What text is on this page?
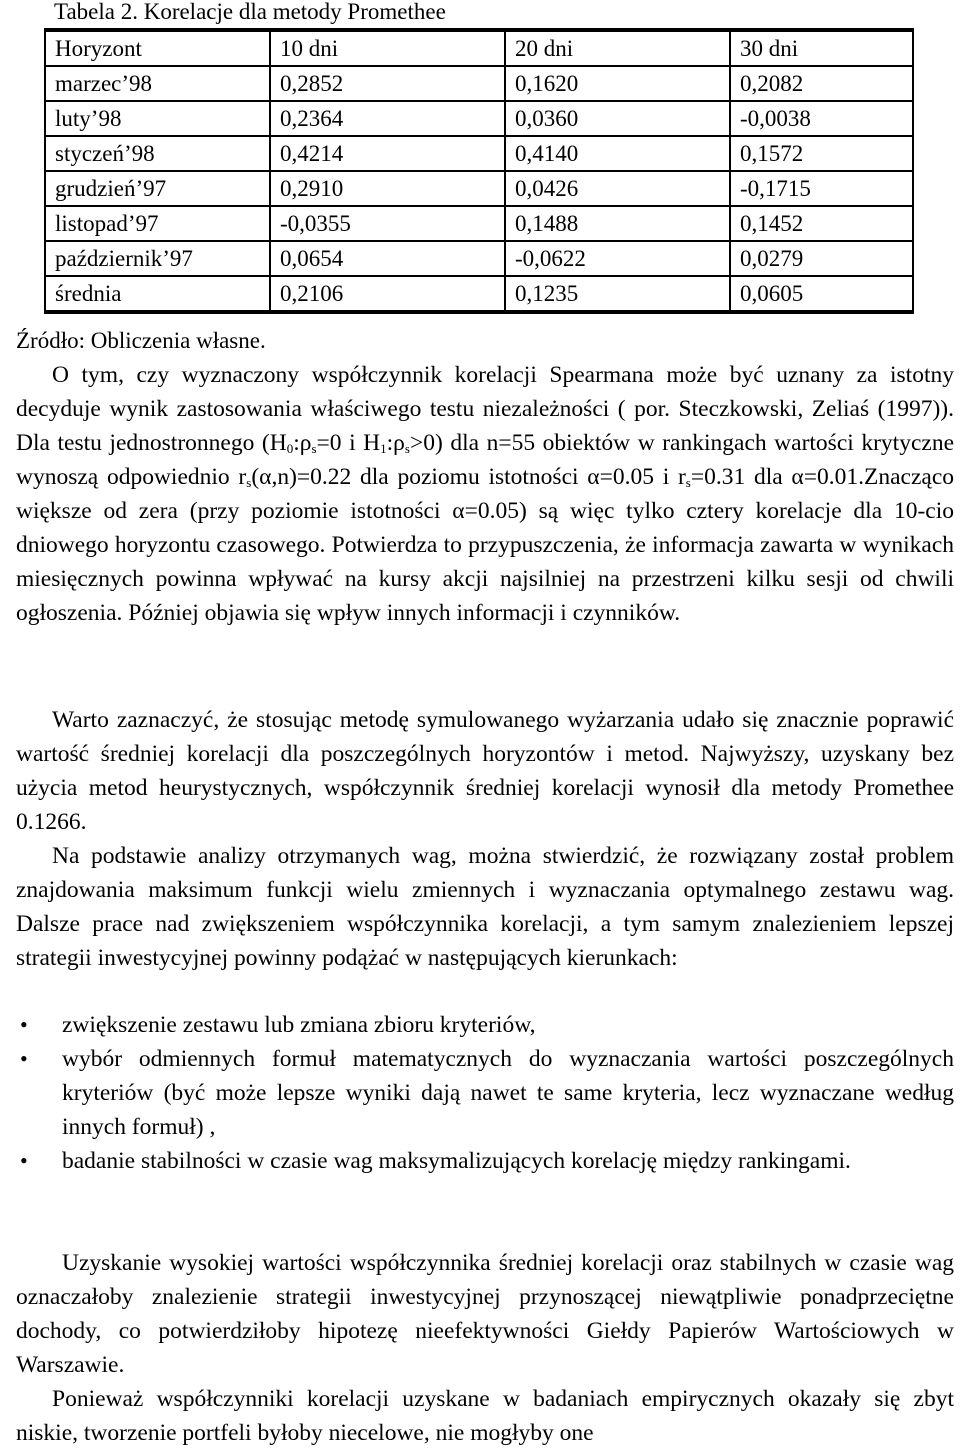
Tabela 2. Korelacje dla metody Promethee
Horyzont	10 dni	20 dni	30 dni
marzec’98	0,2852	0,1620	0,2082
luty’98	0,2364	0,0360	-0,0038
styczeń’98	0,4214	0,4140	0,1572
grudzień’97	0,2910	0,0426	-0,1715
listopad’97	-0,0355	0,1488	0,1452
październik’97	0,0654	-0,0622	0,0279
średnia	0,2106	0,1235	0,0605
Źródło: Obliczenia własne.
O tym, czy wyznaczony współczynnik korelacji Spearmana może być uznany za istotny decyduje wynik zastosowania właściwego testu niezależności ( por. Steczkowski, Zeliaś (1997)). Dla testu jednostronnego ($H_0:\rho_s=0$ i $H_1:\rho_s>0$) dla n=55 obiektów w rankingach wartości krytyczne wynoszą odpowiednio $r_s(\alpha,n)=0.22$ dla poziomu istotności α=0.05 i $r_s=0.31$ dla α=0.01.Znacząco większe od zera (przy poziomie istotności α=0.05) są więc tylko cztery korelacje dla 10-cio dniowego horyzontu czasowego. Potwierdza to przypuszczenia, że informacja zawarta w wynikach miesięcznych powinna wpływać na kursy akcji najsilniej na przestrzeni kilku sesji od chwili ogłoszenia. Później objawia się wpływ innych informacji i czynników.
Warto zaznaczyć, że stosując metodę symulowanego wyżarzania udało się znacznie poprawić wartość średniej korelacji dla poszczególnych horyzontów i metod. Najwyższy, uzyskany bez użycia metod heurystycznych, współczynnik średniej korelacji wynosił dla metody Promethee 0.1266.
Na podstawie analizy otrzymanych wag, można stwierdzić, że rozwiązany został problem znajdowania maksimum funkcji wielu zmiennych i wyznaczania optymalnego zestawu wag. Dalsze prace nad zwiększeniem współczynnika korelacji, a tym samym znalezieniem lepszej strategii inwestycyjnej powinny podążać w następujących kierunkach:
• zwiększenie zestawu lub zmiana zbioru kryteriów,
• wybór odmiennych formuł matematycznych do wyznaczania wartości poszczególnych kryteriów (być może lepsze wyniki dają nawet te same kryteria, lecz wyznaczane według innych formuł) ,
• badanie stabilności w czasie wag maksymalizujących korelację między rankingami.
Uzyskanie wysokiej wartości współczynnika średniej korelacji oraz stabilnych w czasie wag oznaczałoby znalezienie strategii inwestycyjnej przynoszącej niewątpliwie ponadprzeciętne dochody, co potwierdziłoby hipotezę nieefektywności Giełdy Papierów Wartościowych w Warszawie.
Ponieważ współczynniki korelacji uzyskane w badaniach empirycznych okazały się zbyt niskie, tworzenie portfeli byłoby niecelowe, nie mogłyby one
